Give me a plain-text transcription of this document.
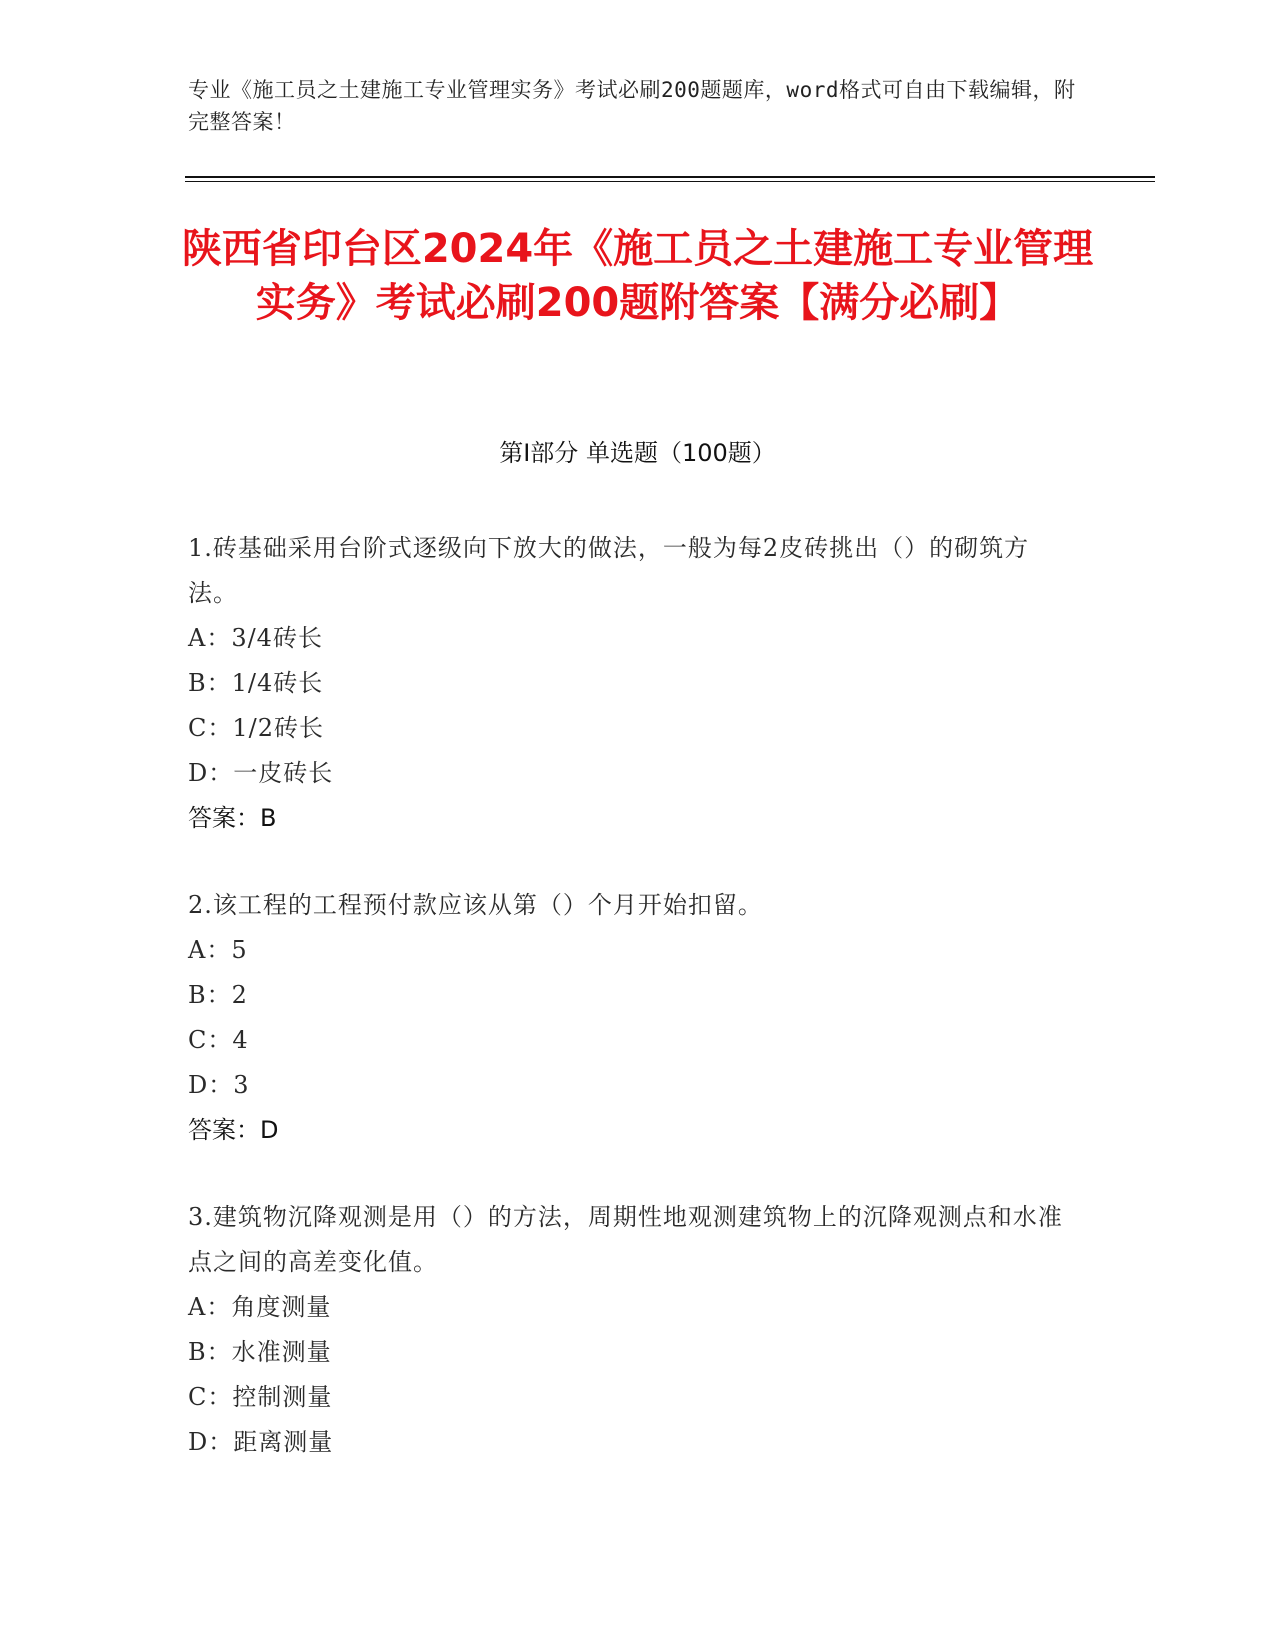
专业《施工员之土建施工专业管理实务》考试必刷200题题库，word格式可自由下载编辑，附完整答案！
陕西省印台区2024年《施工员之土建施工专业管理实务》考试必刷200题附答案【满分必刷】
第Ⅰ部分 单选题（100题）
1.砖基础采用台阶式逐级向下放大的做法，一般为每2皮砖挑出（）的砌筑方法。
A：3/4砖长
B：1/4砖长
C：1/2砖长
D：一皮砖长
答案：B
2.该工程的工程预付款应该从第（）个月开始扣留。
A：5
B：2
C：4
D：3
答案：D
3.建筑物沉降观测是用（）的方法，周期性地观测建筑物上的沉降观测点和水准点之间的高差变化值。
A：角度测量
B：水准测量
C：控制测量
D：距离测量
